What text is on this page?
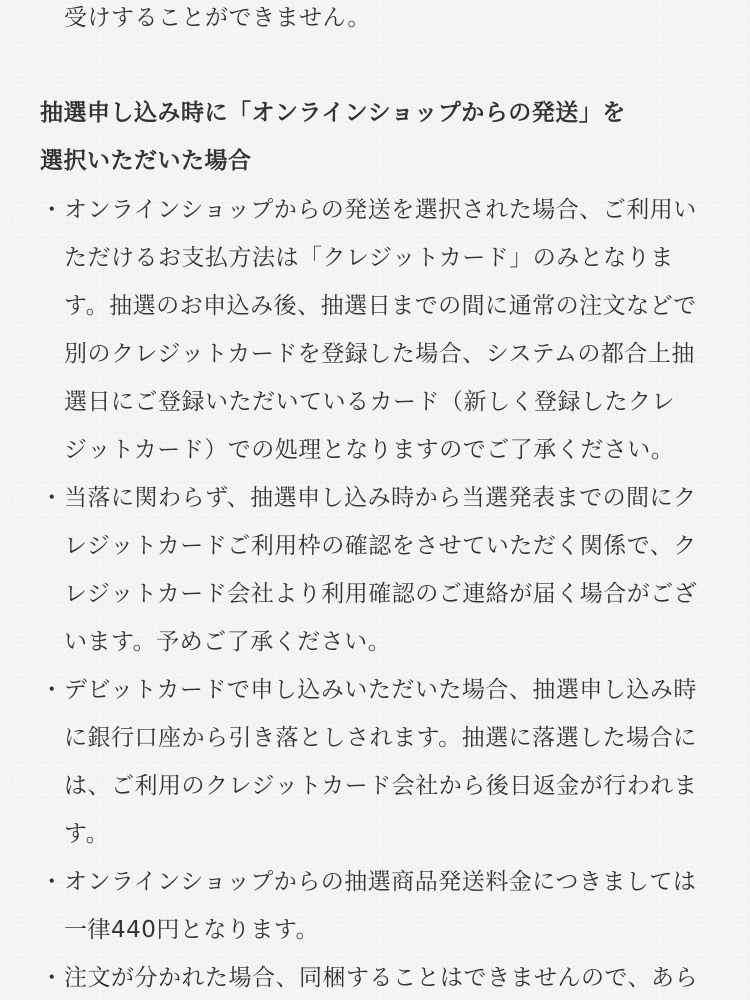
受けすることができません。

抽選申し込み時に「オンラインショップからの発送」を
選択いただいた場合
・ オンラインショップからの発送を選択された場合、ご利用い
ただけるお支払方法は「クレジットカード」のみとなりま
す。抽選のお申込み後、抽選日までの間に通常の注文などで
別のクレジットカードを登録した場合、システムの都合上抽
選日にご登録いただいているカード（新しく登録したクレ
ジットカード）での処理となりますのでご了承ください。
・ 当落に関わらず、抽選申し込み時から当選発表までの間にク
レジットカードご利用枠の確認をさせていただく関係で、ク
レジットカード会社より利用確認のご連絡が届く場合がござ
います。予めご了承ください。
・ デビットカードで申し込みいただいた場合、抽選申し込み時
に銀行口座から引き落としされます。抽選に落選した場合に
は、ご利用のクレジットカード会社から後日返金が行われま
す。
・ オンラインショップからの抽選商品発送料金につきましては
一律440円となります。
・ 注文が分かれた場合、同梱することはできませんので、あら
